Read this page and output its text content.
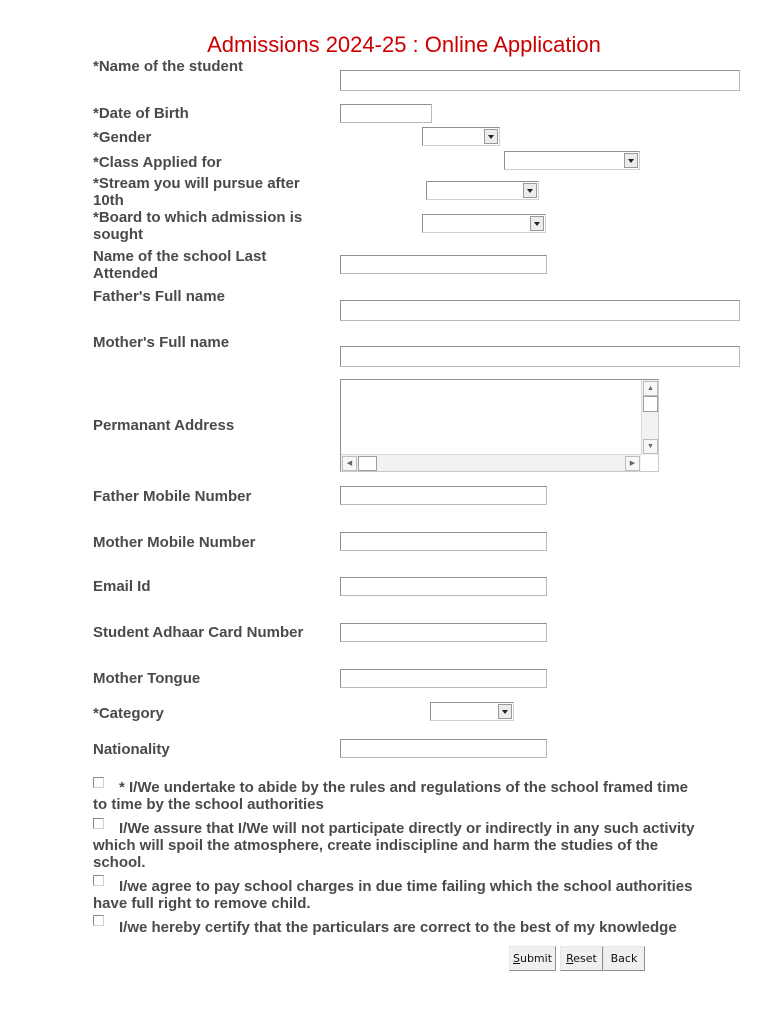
Admissions 2024-25 : Online Application
*Name of the student
*Date of Birth
*Gender
*Class Applied for
*Stream you will pursue after 10th
*Board to which admission is sought
Name of the school Last Attended
Father's Full name
Mother's Full name
Permanant Address
▲
▼
◀	▶
Father Mobile Number
Mother Mobile Number
Email Id
Student Adhaar Card Number
Mother Tongue
*Category
Nationality
* I/We undertake to abide by the rules and regulations of the school framed time to time by the school authorities
I/We assure that I/We will not participate directly or indirectly in any such activity which will spoil the atmosphere, create indiscipline and harm the studies of the school.
I/we agree to pay school charges in due time failing which the school authorities have full right to remove child.
I/we hereby certify that the particulars are correct to the best of my knowledge
Submit	Reset	Back
